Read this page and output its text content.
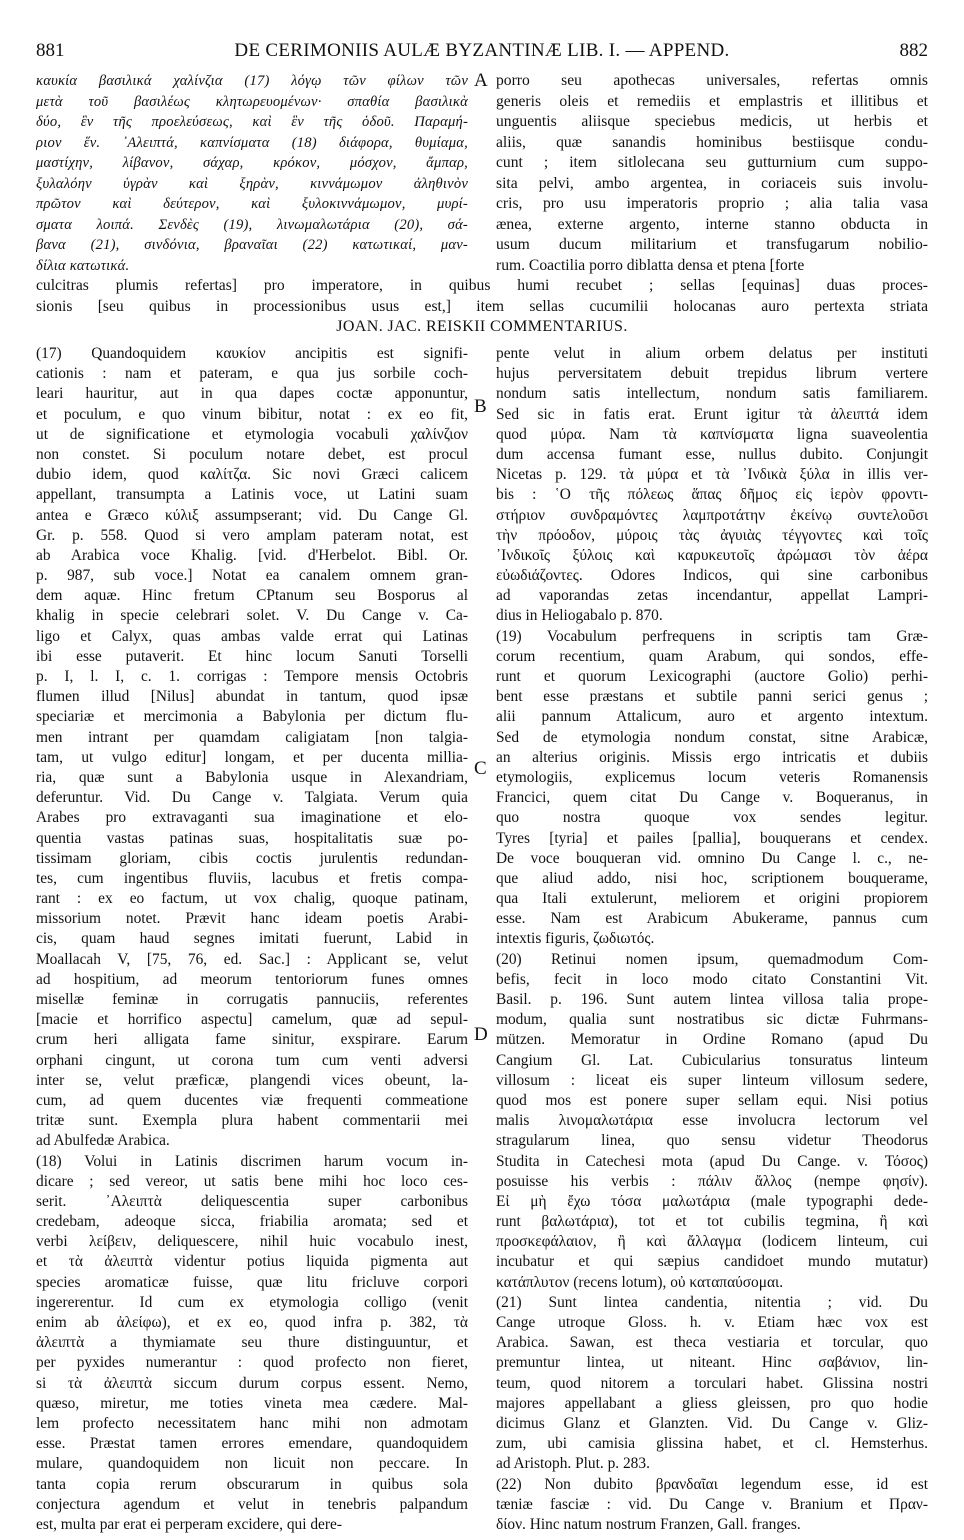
881	DE CERIMONIIS AULÆ BYZANTINÆ LIB. I. — APPEND.	882
καυκία βασιλικά χαλίνζια (17) λόγῳ τῶν φίλων τῶν
μετὰ τοῦ βασιλέως κλητωρευομένων· σπαθία βασιλικὰ
δύο, ἓν τῆς προελεύσεως, καὶ ἓν τῆς ὁδοῦ. Παραμή-
ριον ἕν. ᾿Αλειπτά, καπνίσματα (18) διάφορα, θυμίαμα,
μαστίχην, λίβανον, σάχαρ, κρόκον, μόσχον, ἄμπαρ,
ξυλαλόην ὑγρὰν καὶ ξηρὰν, κιννάμωμον ἀληθινὸν
πρῶτον καὶ δεύτερον, καὶ ξυλοκιννάμωμον, μυρί-
σματα λοιπά. Σενδὲς (19), λινωμαλωτάρια (20), σά-
βανα (21), σινδόνια, βραναῖαι (22) κατωτικαί, μαν-
δίλια κατωτικά.
porro seu apothecas universales, refertas omnis
generis oleis et remediis et emplastris et illitibus et
unguentis aliisque speciebus medicis, ut herbis et
aliis, quæ sanandis hominibus bestiisque condu-
cunt ; item sitlolecana seu gutturnium cum suppo-
sita pelvi, ambo argentea, in coriaceis suis involu-
cris, pro usu imperatoris proprio ; alia talia vasa
ænea, externe argento, interne stanno obducta in
usum ducum militarium et transfugarum nobilio-
rum. Coactilia porro diblatta densa et ptena [forte
A
culcitras plumis refertas] pro imperatore, in quibus humi recubet ; sellas [equinas] duas proces-
sionis [seu quibus in processionibus usus est,] item sellas cucumilii holocanas auro pertexta striata
JOAN. JAC. REISKII COMMENTARIUS.
(17) Quandoquidem καυκίον ancipitis est signifi-
cationis : nam et pateram, e qua jus sorbile coch-
leari hauritur, aut in qua dapes coctæ apponuntur,
et poculum, e quo vinum bibitur, notat : ex eo fit,
ut de significatione et etymologia vocabuli χαλίνζιον
non constet. Si poculum notare debet, est procul
dubio idem, quod καλίτζα. Sic novi Græci calicem
appellant, transumpta a Latinis voce, ut Latini suam
antea e Græco κύλιξ assumpserant; vid. Du Cange Gl.
Gr. p. 558. Quod si vero amplam pateram notat, est
ab Arabica voce Khalig. [vid. d'Herbelot. Bibl. Or.
p. 987, sub voce.] Notat ea canalem omnem gran-
dem aquæ. Hinc fretum CPtanum seu Bosporus al
khalig in specie celebrari solet. V. Du Cange v. Ca-
ligo et Calyx, quas ambas valde errat qui Latinas
ibi esse putaverit. Et hinc locum Sanuti Torselli
p. I, l. I, c. 1. corrigas : Tempore mensis Octobris
flumen illud [Nilus] abundat in tantum, quod ipsæ
speciariæ et mercimonia a Babylonia per dictum flu-
men intrant per quamdam caligiatam [non talgia-
tam, ut vulgo editur] longam, et per ducenta millia-
ria, quæ sunt a Babylonia usque in Alexandriam,
deferuntur. Vid. Du Cange v. Talgiata. Verum quia
Arabes pro extravaganti sua imaginatione et elo-
quentia vastas patinas suas, hospitalitatis suæ po-
tissimam gloriam, cibis coctis jurulentis redundan-
tes, cum ingentibus fluviis, lacubus et fretis compa-
rant : ex eo factum, ut vox chalig, quoque patinam,
missorium notet. Prævit hanc ideam poetis Arabi-
cis, quam haud segnes imitati fuerunt, Labid in
Moallacah V, [75, 76, ed. Sac.] : Applicant se, velut
ad hospitium, ad meorum tentoriorum funes omnes
misellæ feminæ in corrugatis pannuciis, referentes
[macie et horrifico aspectu] camelum, quæ ad sepul-
crum heri alligata fame sinitur, exspirare. Earum
orphani cingunt, ut corona tum cum venti adversi
inter se, velut præficæ, plangendi vices obeunt, la-
cum, ad quem ducentes viæ frequenti commeatione
tritæ sunt. Exempla plura habent commentarii mei
ad Abulfedæ Arabica.
(18) Volui in Latinis discrimen harum vocum in-
dicare ; sed vereor, ut satis bene mihi hoc loco ces-
serit. ᾿Αλειπτὰ deliquescentia super carbonibus
credebam, adeoque sicca, friabilia aromata; sed et
verbi λείβειν, deliquescere, nihil huic vocabulo inest,
et τὰ ἀλειπτὰ videntur potius liquida pigmenta aut
species aromaticæ fuisse, quæ litu fricluve corpori
ingererentur. Id cum ex etymologia colligo (venit
enim ab ἀλείφω), et ex eo, quod infra p. 382, τὰ
ἀλειπτὰ a thymiamate seu thure distinguuntur, et
per pyxides numerantur : quod profecto non fieret,
si τὰ ἀλειπτὰ siccum durum corpus essent. Nemo,
quæso, miretur, me toties vineta mea cædere. Mal-
lem profecto necessitatem hanc mihi non admotam
esse. Præstat tamen errores emendare, quandoquidem
mulare, quandoquidem non licuit non peccare. In
tanta copia rerum obscurarum in quibus sola
conjectura agendum et velut in tenebris palpandum
est, multa par erat ei perperam excidere, qui dere-
pente velut in alium orbem delatus per instituti
hujus perversitatem debuit trepidus librum vertere
nondum satis intellectum, nondum satis familiarem.
Sed sic in fatis erat. Erunt igitur τὰ ἀλειπτά idem
quod μύρα. Nam τὰ καπνίσματα ligna suaveolentia
dum accensa fumant esse, nullus dubito. Conjungit
Nicetas p. 129. τὰ μύρα et τὰ ᾿Ινδικὰ ξύλα in illis ver-
bis : ῾Ο τῆς πόλεως ἅπας δῆμος εἰς ἱερὸν φροντι-
στήριον συνδραμόντες λαμπροτάτην ἐκείνῳ συντελοῦσι
τὴν πρόοδον, μύροις τὰς ἀγυιὰς τέγγοντες καὶ τοῖς
᾿Ινδικοῖς ξύλοις καὶ καρυκευτοῖς ἀρώμασι τὸν ἀέρα
εὐωδιάζοντες. Odores Indicos, qui sine carbonibus
ad vaporandas zetas incendantur, appellat Lampri-
dius in Heliogabalo p. 870.
(19) Vocabulum perfrequens in scriptis tam Græ-
corum recentium, quam Arabum, qui sondos, effe-
runt et quorum Lexicographi (auctore Golio) perhi-
bent esse præstans et subtile panni serici genus ;
alii pannum Attalicum, auro et argento intextum.
Sed de etymologia nondum constat, sitne Arabicæ,
an alterius originis. Missis ergo intricatis et dubiis
etymologiis, explicemus locum veteris Romanensis
Francici, quem citat Du Cange v. Boqueranus, in
quo nostra quoque vox sendes legitur.
Tyres [tyria] et pailes [pallia], bouquerans et cendex.
De voce bouqueran vid. omnino Du Cange l. c., ne-
que aliud addo, nisi hoc, scriptionem bouquerame,
qua Itali extulerunt, meliorem et origini propiorem
esse. Nam est Arabicum Abukerame, pannus cum
intextis figuris, ζωδιωτός.
(20) Retinui nomen ipsum, quemadmodum Com-
befis, fecit in loco modo citato Constantini Vit.
Basil. p. 196. Sunt autem lintea villosa talia prope-
modum, qualia sunt nostratibus sic dictæ Fuhrmans-
mützen. Memoratur in Ordine Romano (apud Du
Cangium Gl. Lat. Cubicularius tonsuratus linteum
villosum : liceat eis super linteum villosum sedere,
quod mos est ponere super sellam equi. Nisi potius
malis λινομαλωτάρια esse involucra lectorum vel
stragularum linea, quo sensu videtur Theodorus
Studita in Catechesi mota (apud Du Cange. v. Τόσος)
posuisse his verbis : πάλιν ἄλλος (nempe φησίν).
Εἰ μὴ ἔχω τόσα μαλωτάρια (male typographi dede-
runt βαλωτάρια), tot et tot cubilis tegmina, ἢ καὶ
προσκεφάλαιον, ἢ καὶ ἄλλαγμα (lodicem linteum, cui
incubatur et qui sæpius candidoet mundo mutatur)
κατάπλυτον (recens lotum), οὐ καταπαύσομαι.
(21) Sunt lintea candentia, nitentia ; vid. Du
Cange utroque Gloss. h. v. Etiam hæc vox est
Arabica. Sawan, est theca vestiaria et torcular, quo
premuntur lintea, ut niteant. Hinc σαβάνιον, lin-
teum, quod nitorem a torculari habet. Glissina nostri
majores appellabant a gliess gleissen, pro quo hodie
dicimus Glanz et Glanzten. Vid. Du Cange v. Gliz-
zum, ubi camisia glissina habet, et cl. Hemsterhus.
ad Aristoph. Plut. p. 283.
(22) Non dubito βρανδαῖαι legendum esse, id est
tæniæ fasciæ : vid. Du Cange v. Branium et Πραν-
δίον. Hinc natum nostrum Franzen, Gall. franges.
B
C
D
